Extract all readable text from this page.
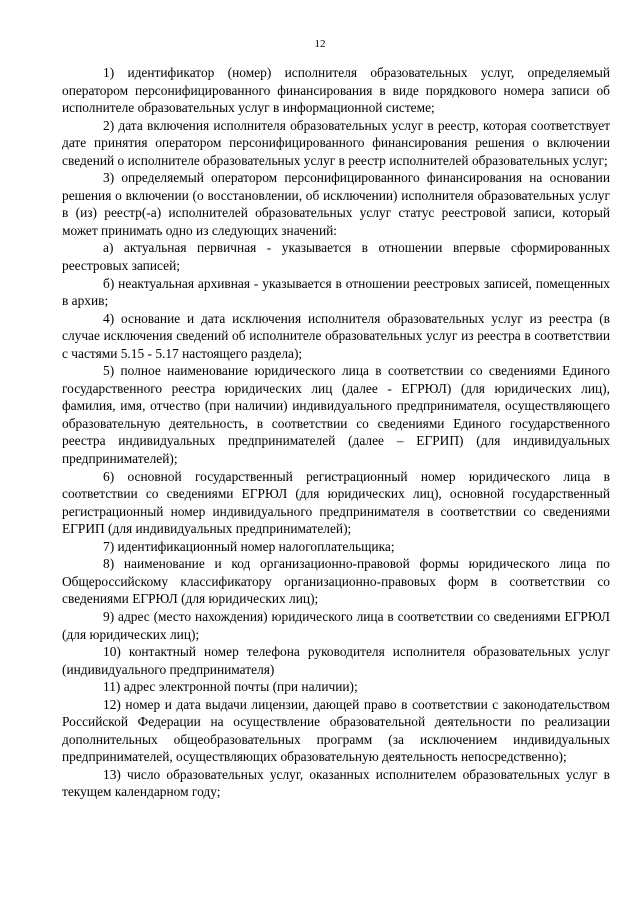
12

1) идентификатор (номер) исполнителя образовательных услуг, определяемый оператором персонифицированного финансирования в виде порядкового номера записи об исполнителе образовательных услуг в информационной системе;

2) дата включения исполнителя образовательных услуг в реестр, которая соответствует дате принятия оператором персонифицированного финансирования решения о включении сведений о исполнителе образовательных услуг в реестр исполнителей образовательных услуг;

3) определяемый оператором персонифицированного финансирования на основании решения о включении (о восстановлении, об исключении) исполнителя образовательных услуг в (из) реестр(-а) исполнителей образовательных услуг статус реестровой записи, который может принимать одно из следующих значений:

а) актуальная первичная - указывается в отношении впервые сформированных реестровых записей;

б) неактуальная архивная - указывается в отношении реестровых записей, помещенных в архив;

4) основание и дата исключения исполнителя образовательных услуг из реестра (в случае исключения сведений об исполнителе образовательных услуг из реестра в соответствии с частями 5.15 - 5.17 настоящего раздела);

5) полное наименование юридического лица в соответствии со сведениями Единого государственного реестра юридических лиц (далее - ЕГРЮЛ) (для юридических лиц), фамилия, имя, отчество (при наличии) индивидуального предпринимателя, осуществляющего образовательную деятельность, в соответствии со сведениями Единого государственного реестра индивидуальных предпринимателей (далее – ЕГРИП) (для индивидуальных предпринимателей);

6) основной государственный регистрационный номер юридического лица в соответствии со сведениями ЕГРЮЛ (для юридических лиц), основной государственный регистрационный номер индивидуального предпринимателя в соответствии со сведениями ЕГРИП (для индивидуальных предпринимателей);

7) идентификационный номер налогоплательщика;

8) наименование и код организационно-правовой формы юридического лица по Общероссийскому классификатору организационно-правовых форм в соответствии со сведениями ЕГРЮЛ (для юридических лиц);

9) адрес (место нахождения) юридического лица в соответствии со сведениями ЕГРЮЛ (для юридических лиц);

10) контактный номер телефона руководителя исполнителя образовательных услуг (индивидуального предпринимателя)

11) адрес электронной почты (при наличии);

12) номер и дата выдачи лицензии, дающей право в соответствии с законодательством Российской Федерации на осуществление образовательной деятельности по реализации дополнительных общеобразовательных программ (за исключением индивидуальных предпринимателей, осуществляющих образовательную деятельность непосредственно);

13) число образовательных услуг, оказанных исполнителем образовательных услуг в текущем календарном году;
